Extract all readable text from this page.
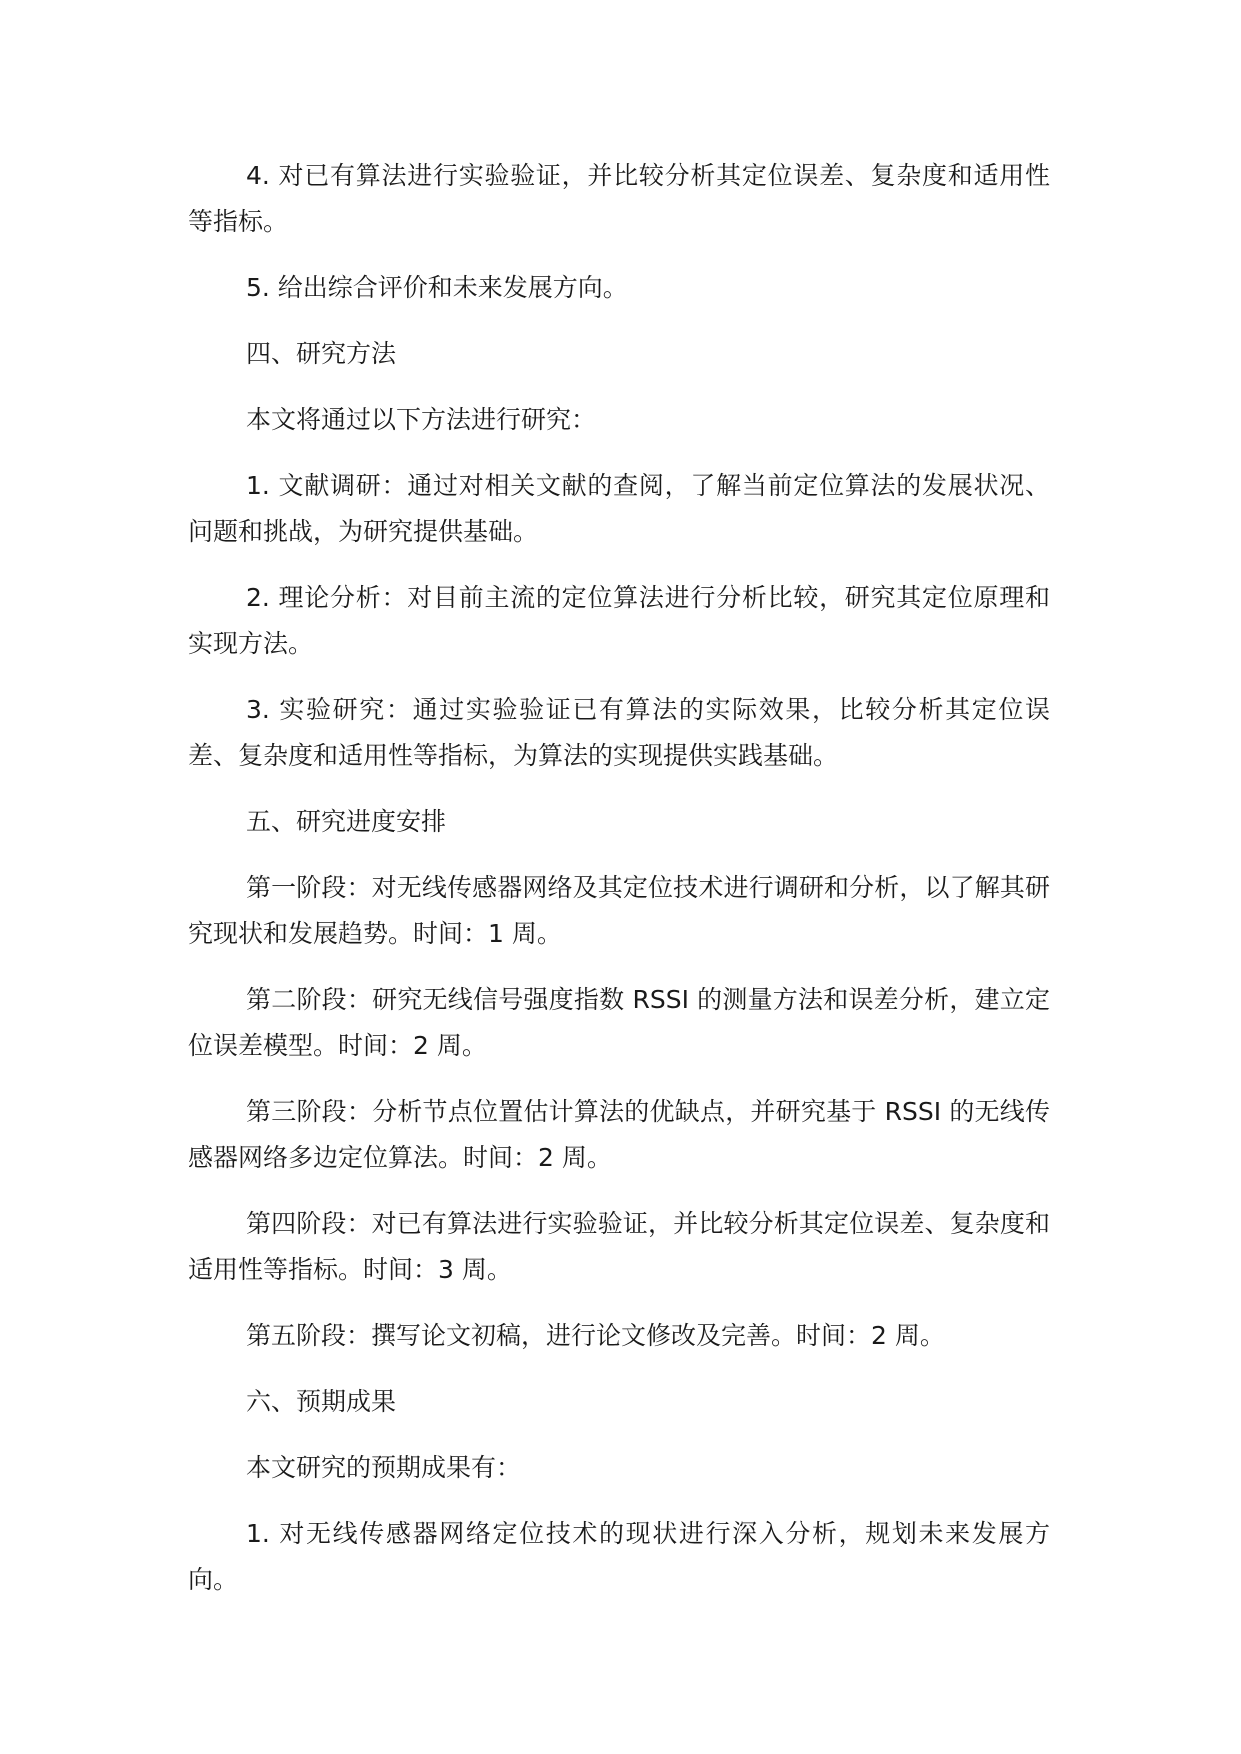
4. 对已有算法进行实验验证，并比较分析其定位误差、复杂度和适用性等指标。

5. 给出综合评价和未来发展方向。

四、研究方法

本文将通过以下方法进行研究：

1. 文献调研：通过对相关文献的查阅，了解当前定位算法的发展状况、问题和挑战，为研究提供基础。

2. 理论分析：对目前主流的定位算法进行分析比较，研究其定位原理和实现方法。

3. 实验研究：通过实验验证已有算法的实际效果，比较分析其定位误差、复杂度和适用性等指标，为算法的实现提供实践基础。

五、研究进度安排

第一阶段：对无线传感器网络及其定位技术进行调研和分析，以了解其研究现状和发展趋势。时间：1 周。

第二阶段：研究无线信号强度指数 RSSI 的测量方法和误差分析，建立定位误差模型。时间：2 周。

第三阶段：分析节点位置估计算法的优缺点，并研究基于 RSSI 的无线传感器网络多边定位算法。时间：2 周。

第四阶段：对已有算法进行实验验证，并比较分析其定位误差、复杂度和适用性等指标。时间：3 周。

第五阶段：撰写论文初稿，进行论文修改及完善。时间：2 周。

六、预期成果

本文研究的预期成果有：

1. 对无线传感器网络定位技术的现状进行深入分析，规划未来发展方向。
